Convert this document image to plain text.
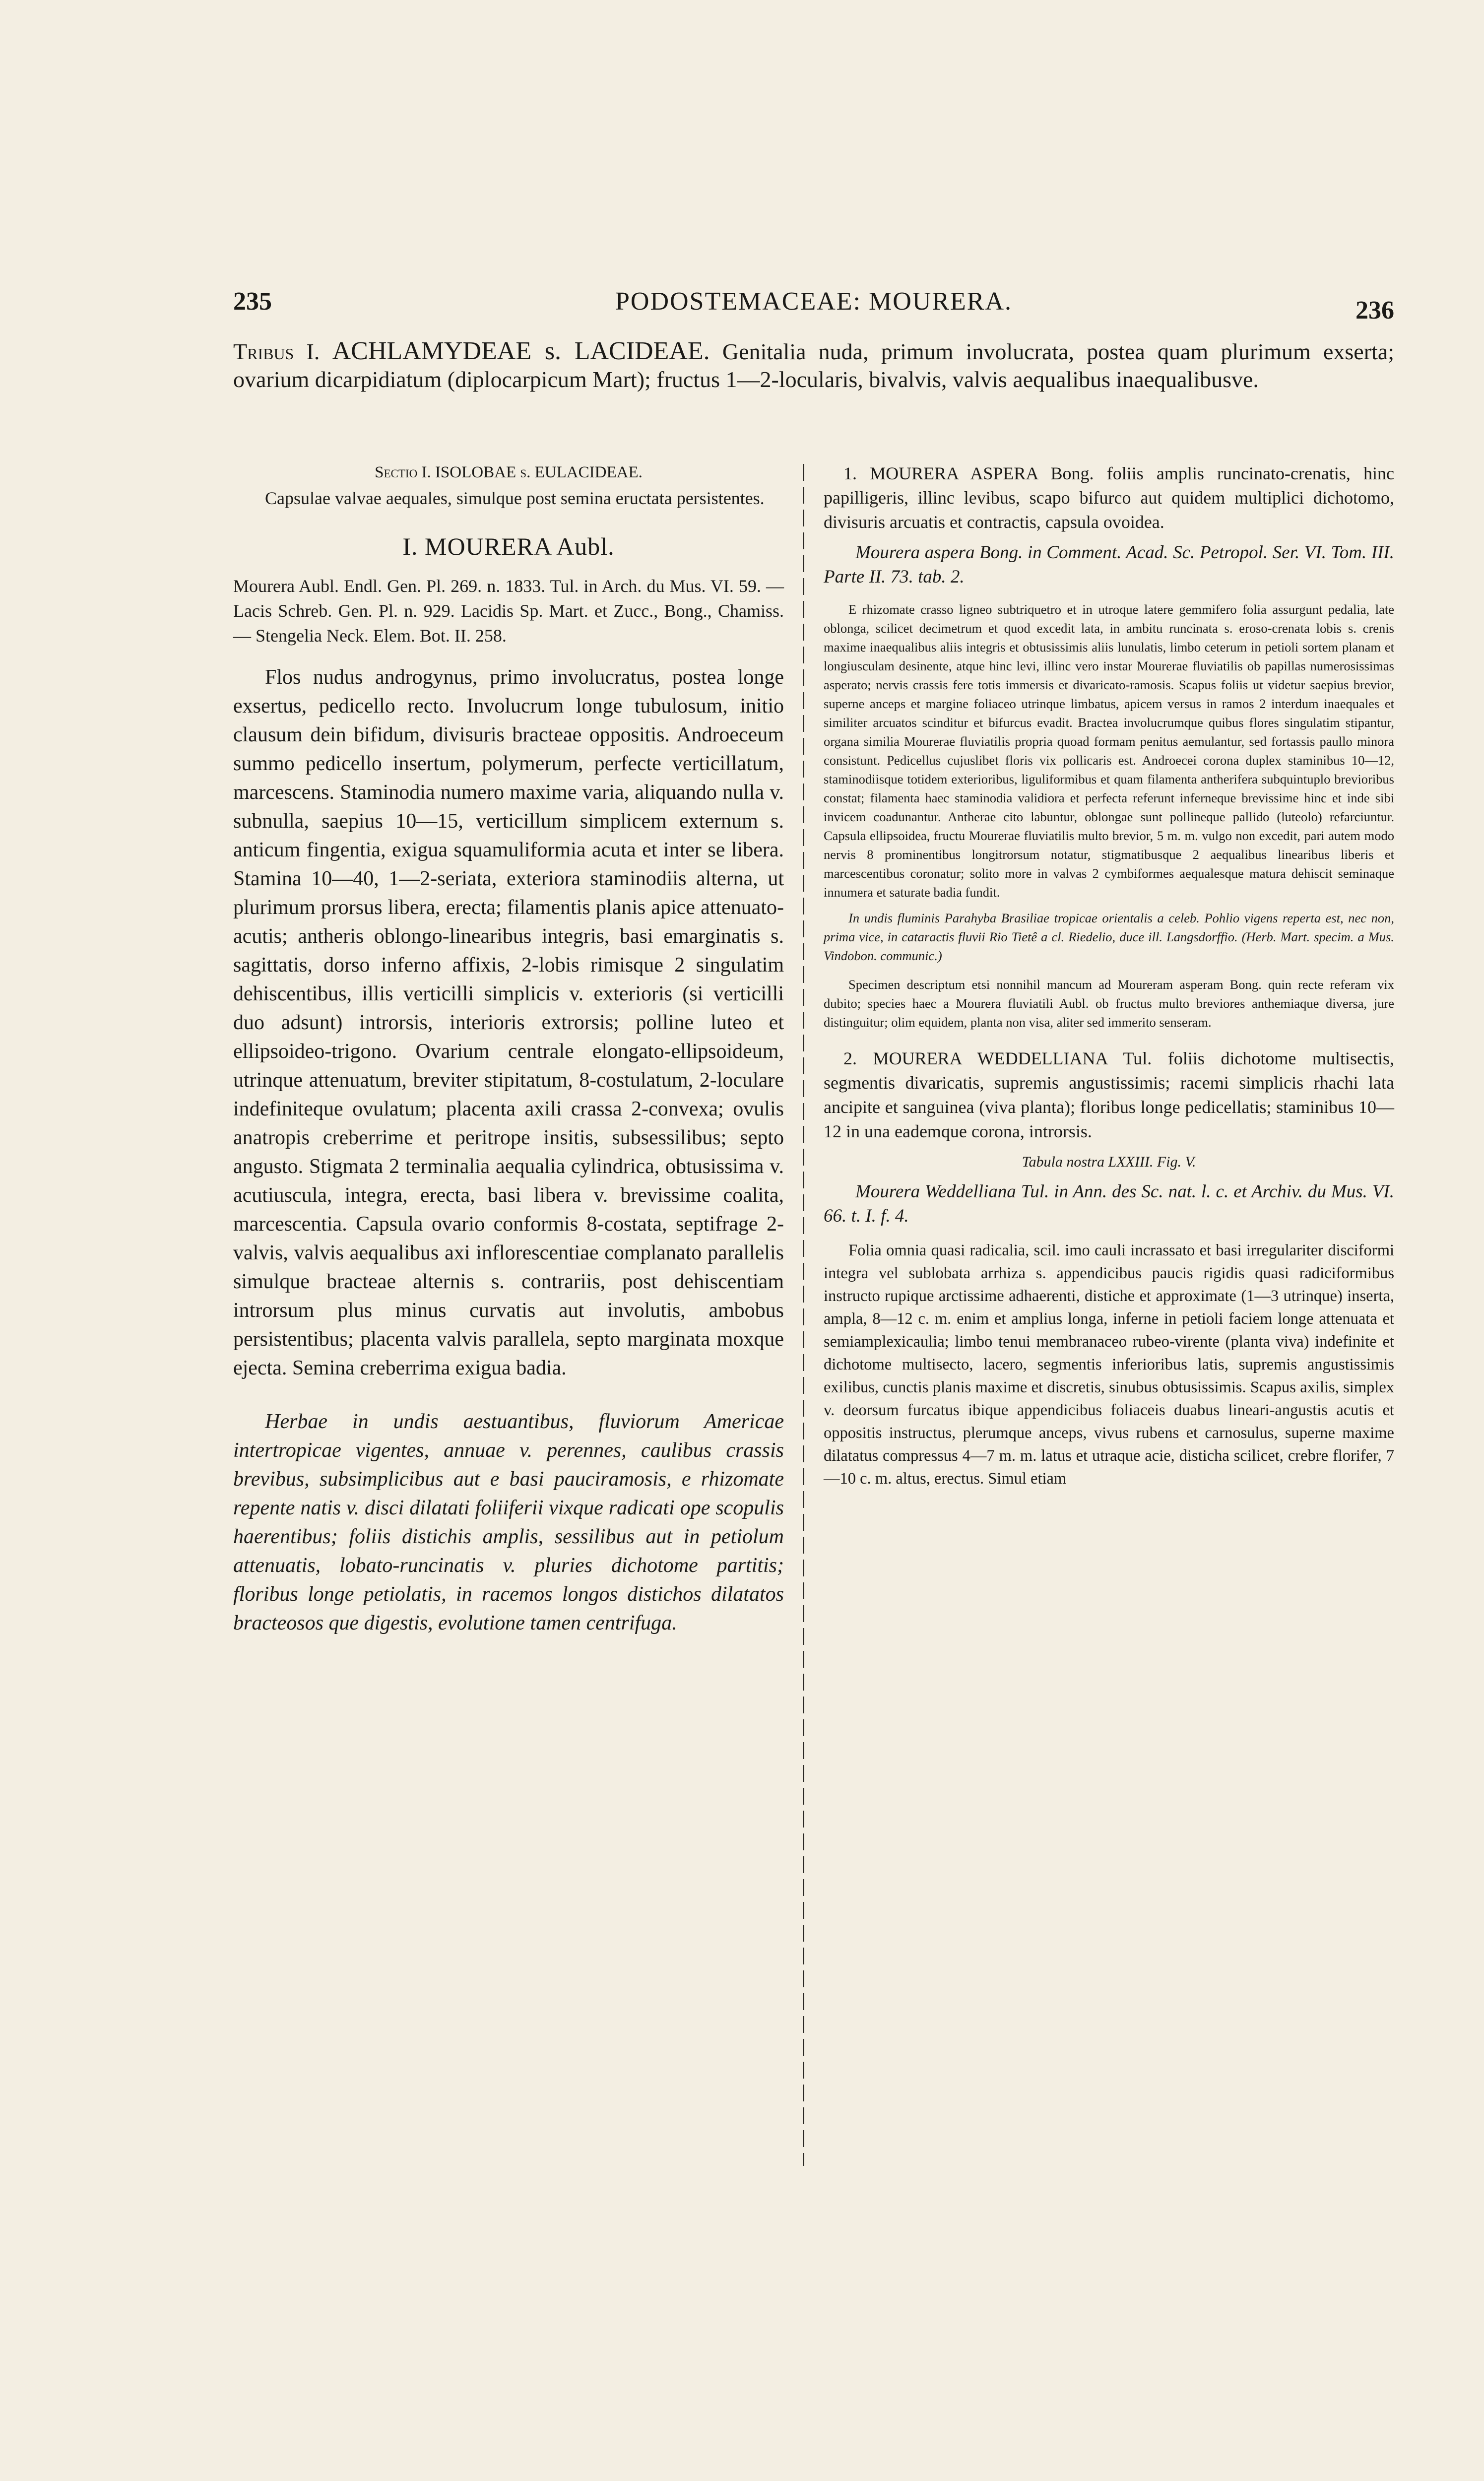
235	PODOSTEMACEAE: MOURERA.	236
Tribus I. ACHLAMYDEAE s. LACIDEAE. Genitalia nuda, primum involucrata, postea quam plurimum exserta; ovarium dicarpidiatum (diplocarpicum Mart); fructus 1—2-locularis, bivalvis, valvis aequalibus inaequalibusve.

Sectio I. ISOLOBAE s. EULACIDEAE.

Capsulae valvae aequales, simulque post semina eructata persistentes.

I. MOURERA Aubl.

Mourera Aubl. Endl. Gen. Pl. 269. n. 1833. Tul. in Arch. du Mus. VI. 59. — Lacis Schreb. Gen. Pl. n. 929. Lacidis Sp. Mart. et Zucc., Bong., Chamiss. — Stengelia Neck. Elem. Bot. II. 258.

Flos nudus androgynus, primo involucratus, postea longe exsertus, pedicello recto. Involucrum longe tubulosum, initio clausum dein bifidum, divisuris bracteae oppositis. Androeceum summo pedicello insertum, polymerum, perfecte verticillatum, marcescens. Staminodia numero maxime varia, aliquando nulla v. subnulla, saepius 10—15, verticillum simplicem externum s. anticum fingentia, exigua squamuliformia acuta et inter se libera. Stamina 10—40, 1—2-seriata, exteriora staminodiis alterna, ut plurimum prorsus libera, erecta; filamentis planis apice attenuato-acutis; antheris oblongo-linearibus integris, basi emarginatis s. sagittatis, dorso inferno affixis, 2-lobis rimisque 2 singulatim dehiscentibus, illis verticilli simplicis v. exterioris (si verticilli duo adsunt) introrsis, interioris extrorsis; polline luteo et ellipsoideo-trigono. Ovarium centrale elongato-ellipsoideum, utrinque attenuatum, breviter stipitatum, 8-costulatum, 2-loculare indefiniteque ovulatum; placenta axili crassa 2-convexa; ovulis anatropis creberrime et peritrope insitis, subsessilibus; septo angusto. Stigmata 2 terminalia aequalia cylindrica, obtusissima v. acutiuscula, integra, erecta, basi libera v. brevissime coalita, marcescentia. Capsula ovario conformis 8-costata, septifrage 2-valvis, valvis aequalibus axi inflorescentiae complanato parallelis simulque bracteae alternis s. contrariis, post dehiscentiam introrsum plus minus curvatis aut involutis, ambobus persistentibus; placenta valvis parallela, septo marginata moxque ejecta. Semina creberrima exigua badia.

Herbae in undis aestuantibus, fluviorum Americae intertropicae vigentes, annuae v. perennes, caulibus crassis brevibus, subsimplicibus aut e basi pauciramosis, e rhizomate repente natis v. disci dilatati foliiferii vixque radicati ope scopulis haerentibus; foliis distichis amplis, sessilibus aut in petiolum attenuatis, lobato-runcinatis v. pluries dichotome partitis; floribus longe petiolatis, in racemos longos distichos dilatatos bracteosos que digestis, evolutione tamen centrifuga.

1. MOURERA ASPERA Bong. foliis amplis runcinato-crenatis, hinc papilligeris, illinc levibus, scapo bifurco aut quidem multiplici dichotomo, divisuris arcuatis et contractis, capsula ovoidea.

Mourera aspera Bong. in Comment. Acad. Sc. Petropol. Ser. VI. Tom. III. Parte II. 73. tab. 2.

E rhizomate crasso ligneo subtriquetro et in utroque latere gemmifero folia assurgunt pedalia, late oblonga, scilicet decimetrum et quod excedit lata, in ambitu runcinata s. eroso-crenata lobis s. crenis maxime inaequalibus aliis integris et obtusissimis aliis lunulatis, limbo ceterum in petioli sortem planam et longiusculam desinente, atque hinc levi, illinc vero instar Mourerae fluviatilis ob papillas numerosissimas asperato; nervis crassis fere totis immersis et divaricato-ramosis. Scapus foliis ut videtur saepius brevior, superne anceps et margine foliaceo utrinque limbatus, apicem versus in ramos 2 interdum inaequales et similiter arcuatos scinditur et bifurcus evadit. Bractea involucrumque quibus flores singulatim stipantur, organa similia Mourerae fluviatilis propria quoad formam penitus aemulantur, sed fortassis paullo minora consistunt. Pedicellus cujuslibet floris vix pollicaris est. Androecei corona duplex staminibus 10—12, staminodiisque totidem exterioribus, liguliformibus et quam filamenta antherifera subquintuplo brevioribus constat; filamenta haec staminodia validiora et perfecta referunt inferneque brevissime hinc et inde sibi invicem coadunantur. Antherae cito labuntur, oblongae sunt pollineque pallido (luteolo) refarciuntur. Capsula ellipsoidea, fructu Mourerae fluviatilis multo brevior, 5 m. m. vulgo non excedit, pari autem modo nervis 8 prominentibus longitrorsum notatur, stigmatibusque 2 aequalibus linearibus liberis et marcescentibus coronatur; solito more in valvas 2 cymbiformes aequalesque matura dehiscit seminaque innumera et saturate badia fundit.

In undis fluminis Parahyba Brasiliae tropicae orientalis a celeb. Pohlio vigens reperta est, nec non, prima vice, in cataractis fluvii Rio Tietê a cl. Riedelio, duce ill. Langsdorffio. (Herb. Mart. specim. a Mus. Vindobon. communic.)

Specimen descriptum etsi nonnihil mancum ad Moureram asperam Bong. quin recte referam vix dubito; species haec a Mourera fluviatili Aubl. ob fructus multo breviores anthemiaque diversa, jure distinguitur; olim equidem, planta non visa, aliter sed immerito senseram.

2. MOURERA WEDDELLIANA Tul. foliis dichotome multisectis, segmentis divaricatis, supremis angustissimis; racemi simplicis rhachi lata ancipite et sanguinea (viva planta); floribus longe pedicellatis; staminibus 10—12 in una eademque corona, introrsis.

Tabula nostra LXXIII. Fig. V.

Mourera Weddelliana Tul. in Ann. des Sc. nat. l. c. et Archiv. du Mus. VI. 66. t. I. f. 4.

Folia omnia quasi radicalia, scil. imo cauli incrassato et basi irregulariter disciformi integra vel sublobata arrhiza s. appendicibus paucis rigidis quasi radiciformibus instructo rupique arctissime adhaerenti, distiche et approximate (1—3 utrinque) inserta, ampla, 8—12 c. m. enim et amplius longa, inferne in petioli faciem longe attenuata et semiamplexicaulia; limbo tenui membranaceo rubeo-virente (planta viva) indefinite et dichotome multisecto, lacero, segmentis inferioribus latis, supremis angustissimis exilibus, cunctis planis maxime et discretis, sinubus obtusissimis. Scapus axilis, simplex v. deorsum furcatus ibique appendicibus foliaceis duabus lineari-angustis acutis et oppositis instructus, plerumque anceps, vivus rubens et carnosulus, superne maxime dilatatus compressus 4—7 m. m. latus et utraque acie, disticha scilicet, crebre florifer, 7—10 c. m. altus, erectus. Simul etiam
